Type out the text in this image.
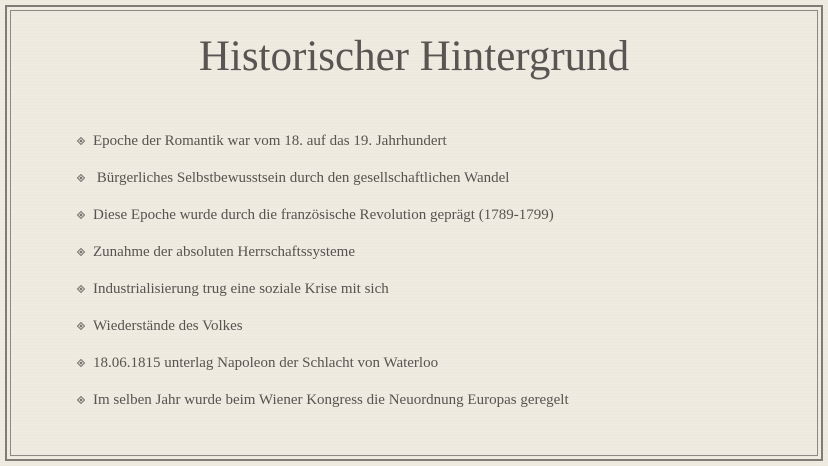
Historischer Hintergrund
Epoche der Romantik war vom 18. auf das 19. Jahrhundert
Bürgerliches Selbstbewusstsein durch den gesellschaftlichen Wandel
Diese Epoche wurde durch die französische Revolution geprägt (1789-1799)
Zunahme der absoluten Herrschaftssysteme
Industrialisierung trug eine soziale Krise mit sich
Wiederstände des Volkes
18.06.1815 unterlag Napoleon der Schlacht von Waterloo
Im selben Jahr wurde beim Wiener Kongress die Neuordnung Europas geregelt
